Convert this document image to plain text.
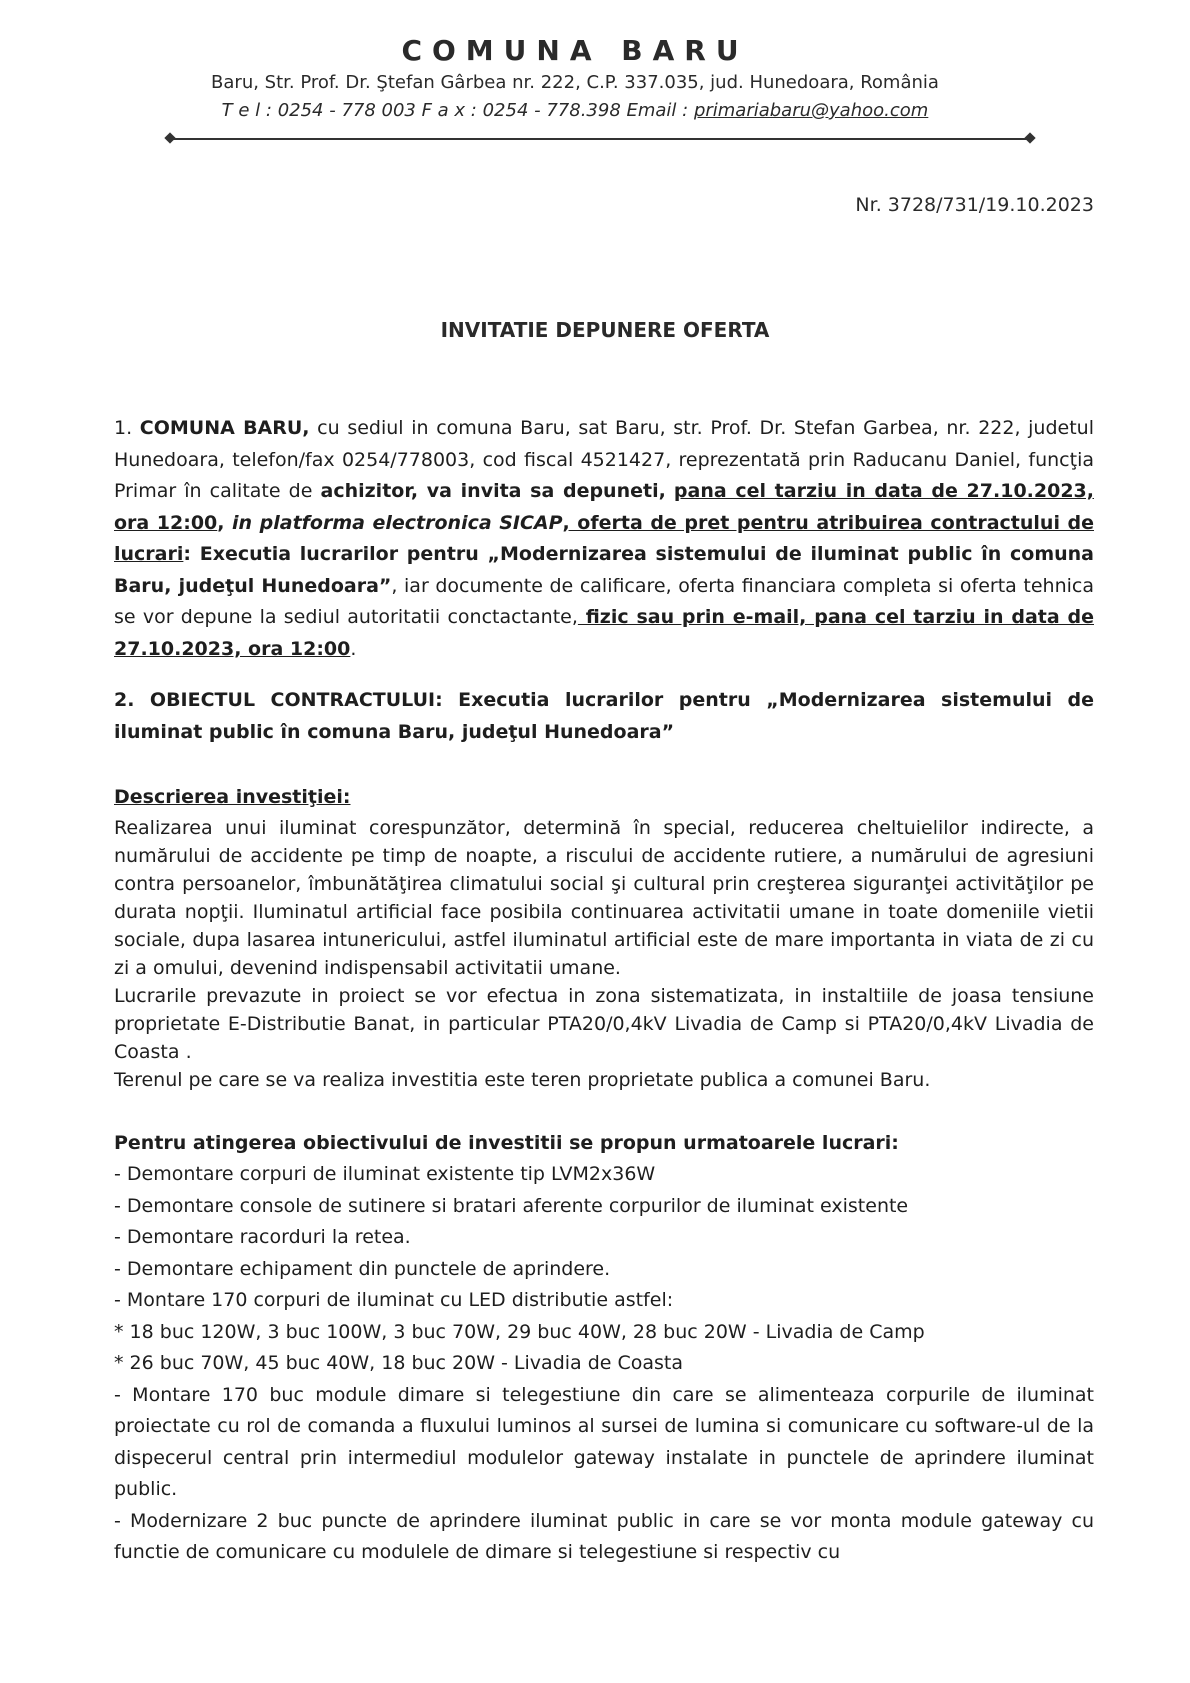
COMUNA BARU
Baru, Str. Prof. Dr. Ştefan Gârbea nr. 222, C.P. 337.035, jud. Hunedoara, România
T e l : 0254 - 778 003 F a x : 0254 - 778.398 Email : primariabaru@yahoo.com
Nr. 3728/731/19.10.2023
INVITATIE DEPUNERE OFERTA

1. COMUNA BARU, cu sediul in comuna Baru, sat Baru, str. Prof. Dr. Stefan Garbea, nr. 222, judetul Hunedoara, telefon/fax 0254/778003, cod fiscal 4521427, reprezentată prin Raducanu Daniel, funcţia Primar în calitate de achizitor, va invita sa depuneti, pana cel tarziu in data de 27.10.2023, ora 12:00, in platforma electronica SICAP, oferta de pret pentru atribuirea contractului de lucrari: Executia lucrarilor pentru „Modernizarea sistemului de iluminat public în comuna Baru, judeţul Hunedoara”, iar documente de calificare, oferta financiara completa si oferta tehnica se vor depune la sediul autoritatii conctactante, fizic sau prin e-mail, pana cel tarziu in data de 27.10.2023, ora 12:00.

2. OBIECTUL CONTRACTULUI: Executia lucrarilor pentru „Modernizarea sistemului de iluminat public în comuna Baru, judeţul Hunedoara”

Descrierea investiţiei:

Realizarea unui iluminat corespunzător, determină în special, reducerea cheltuielilor indirecte, a numărului de accidente pe timp de noapte, a riscului de accidente rutiere, a numărului de agresiuni contra persoanelor, îmbunătăţirea climatului social şi cultural prin creşterea siguranţei activităţilor pe durata nopţii. Iluminatul artificial face posibila continuarea activitatii umane in toate domeniile vietii sociale, dupa lasarea intunericului, astfel iluminatul artificial este de mare importanta in viata de zi cu zi a omului, devenind indispensabil activitatii umane.

Lucrarile prevazute in proiect se vor efectua in zona sistematizata, in instaltiile de joasa tensiune proprietate E-Distributie Banat, in particular PTA20/0,4kV Livadia de Camp si PTA20/0,4kV Livadia de Coasta .

Terenul pe care se va realiza investitia este teren proprietate publica a comunei Baru.

Pentru atingerea obiectivului de investitii se propun urmatoarele lucrari:

- Demontare corpuri de iluminat existente tip LVM2x36W

- Demontare console de sutinere si bratari aferente corpurilor de iluminat existente

- Demontare racorduri la retea.

- Demontare echipament din punctele de aprindere.

- Montare 170 corpuri de iluminat cu LED distributie astfel:

* 18 buc 120W, 3 buc 100W, 3 buc 70W, 29 buc 40W, 28 buc 20W - Livadia de Camp

* 26 buc 70W, 45 buc 40W, 18 buc 20W - Livadia de Coasta

- Montare 170 buc module dimare si telegestiune din care se alimenteaza corpurile de iluminat proiectate cu rol de comanda a fluxului luminos al sursei de lumina si comunicare cu software-ul de la dispecerul central prin intermediul modulelor gateway instalate in punctele de aprindere iluminat public.

- Modernizare 2 buc puncte de aprindere iluminat public in care se vor monta module gateway cu functie de comunicare cu modulele de dimare si telegestiune si respectiv cu
